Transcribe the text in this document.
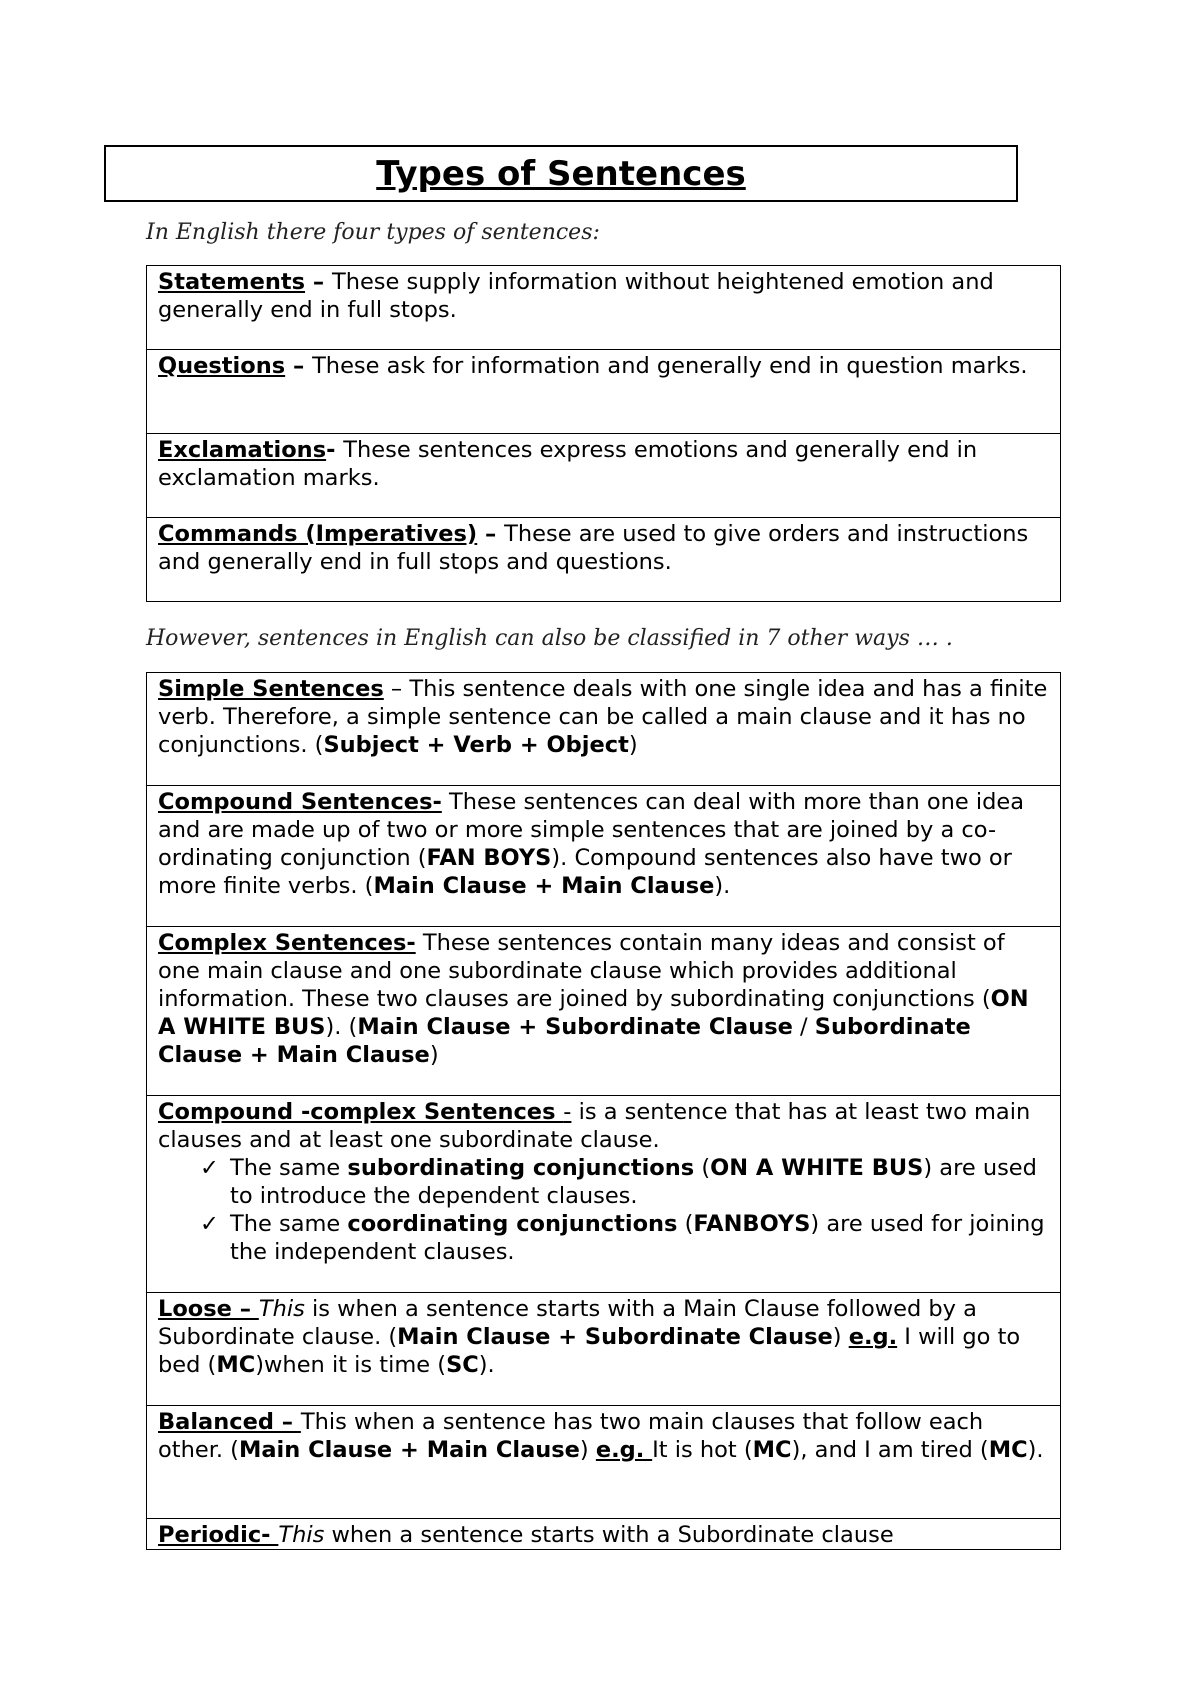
Types of Sentences
In English there four types of sentences:
Statements – These supply information without heightened emotion and generally end in full stops.
Questions – These ask for information and generally end in question marks.
Exclamations- These sentences express emotions and generally end in exclamation marks.
Commands (Imperatives) – These are used to give orders and instructions and generally end in full stops and questions.
However, sentences in English can also be classified in 7 other ways … .
Simple Sentences – This sentence deals with one single idea and has a finite verb. Therefore, a simple sentence can be called a main clause and it has no conjunctions. (Subject + Verb + Object)
Compound Sentences- These sentences can deal with more than one idea and are made up of two or more simple sentences that are joined by a co-ordinating conjunction (FAN BOYS). Compound sentences also have two or more finite verbs. (Main Clause + Main Clause).
Complex Sentences- These sentences contain many ideas and consist of one main clause and one subordinate clause which provides additional information. These two clauses are joined by subordinating conjunctions (ON A WHITE BUS). (Main Clause + Subordinate Clause / Subordinate Clause + Main Clause)
Compound -complex Sentences - is a sentence that has at least two main clauses and at least one subordinate clause.
✓ The same subordinating conjunctions (ON A WHITE BUS) are used to introduce the dependent clauses.
✓ The same coordinating conjunctions (FANBOYS) are used for joining the independent clauses.

Loose – This is when a sentence starts with a Main Clause followed by a Subordinate clause. (Main Clause + Subordinate Clause) e.g. I will go to bed (MC)when it is time (SC).
Balanced – This when a sentence has two main clauses that follow each other. (Main Clause + Main Clause) e.g. It is hot (MC), and I am tired (MC).
Periodic- This when a sentence starts with a Subordinate clause
